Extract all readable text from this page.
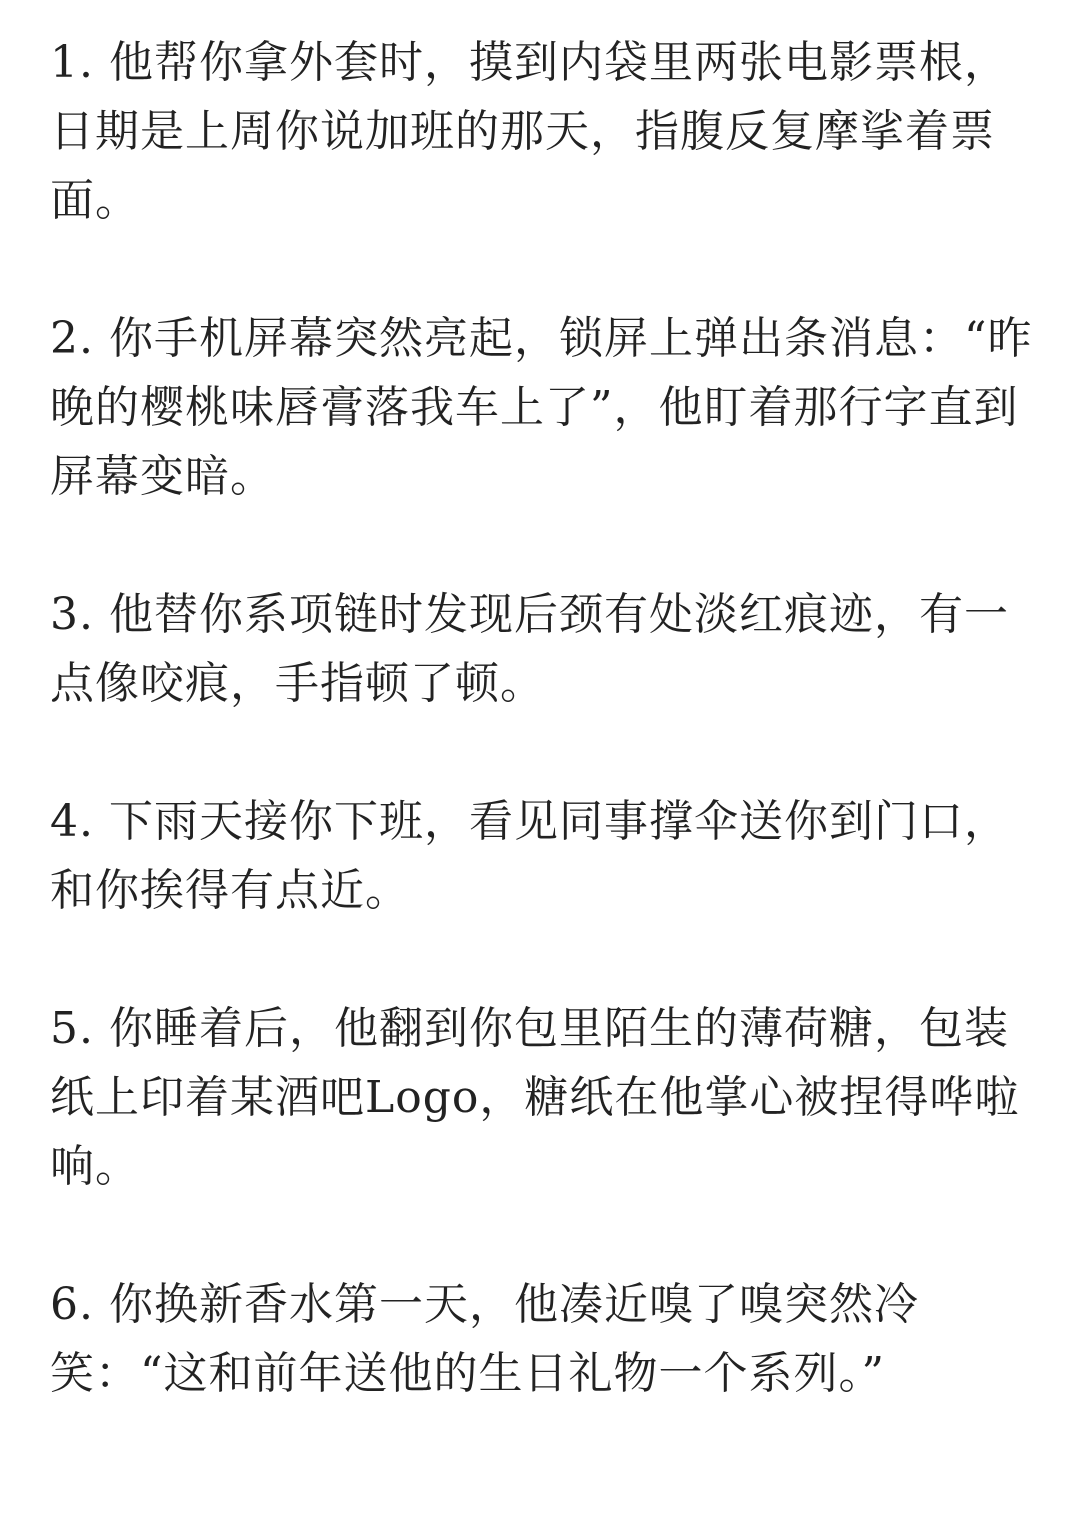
1. 他帮你拿外套时，摸到内袋里两张电影票根，日期是上周你说加班的那天，指腹反复摩挲着票面。

2. 你手机屏幕突然亮起，锁屏上弹出条消息：“昨晚的樱桃味唇膏落我车上了”，他盯着那行字直到屏幕变暗。

3. 他替你系项链时发现后颈有处淡红痕迹，有一点像咬痕，手指顿了顿。

4. 下雨天接你下班，看见同事撑伞送你到门口，和你挨得有点近。

5. 你睡着后，他翻到你包里陌生的薄荷糖，包装纸上印着某酒吧Logo，糖纸在他掌心被捏得哗啦响。

6. 你换新香水第一天，他凑近嗅了嗅突然冷笑：“这和前年送他的生日礼物一个系列。”
